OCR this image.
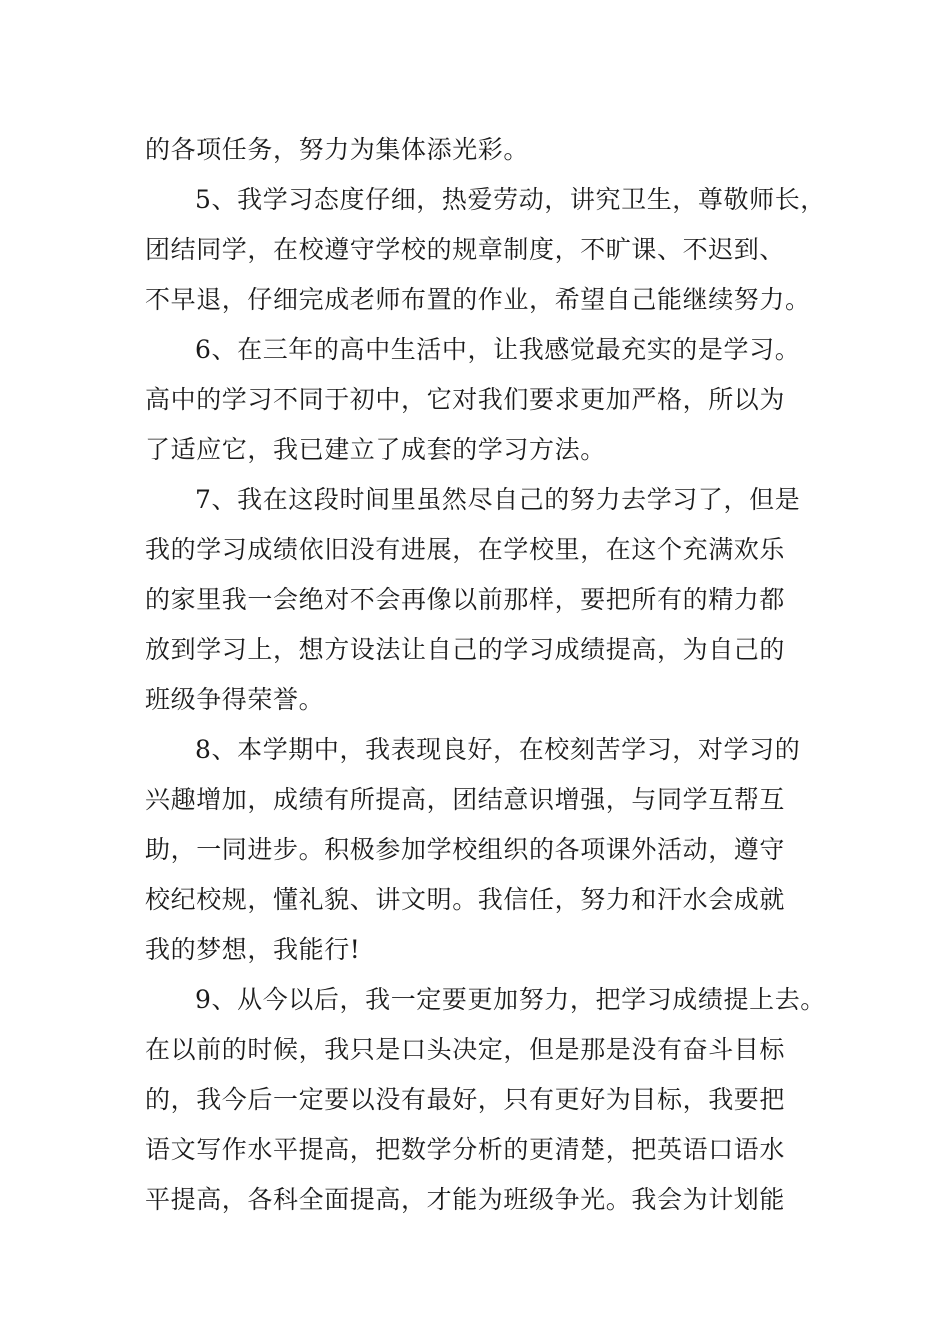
的各项任务，努力为集体添光彩。
5、我学习态度仔细，热爱劳动，讲究卫生，尊敬师长，
团结同学，在校遵守学校的规章制度，不旷课、不迟到、
不早退，仔细完成老师布置的作业，希望自己能继续努力。
6、在三年的高中生活中，让我感觉最充实的是学习。
高中的学习不同于初中，它对我们要求更加严格，所以为
了适应它，我已建立了成套的学习方法。
7、我在这段时间里虽然尽自己的努力去学习了，但是
我的学习成绩依旧没有进展，在学校里，在这个充满欢乐
的家里我一会绝对不会再像以前那样，要把所有的精力都
放到学习上，想方设法让自己的学习成绩提高，为自己的
班级争得荣誉。
8、本学期中，我表现良好，在校刻苦学习，对学习的
兴趣增加，成绩有所提高，团结意识增强，与同学互帮互
助，一同进步。积极参加学校组织的各项课外活动，遵守
校纪校规，懂礼貌、讲文明。我信任，努力和汗水会成就
我的梦想，我能行!
9、从今以后，我一定要更加努力，把学习成绩提上去。
在以前的时候，我只是口头决定，但是那是没有奋斗目标
的，我今后一定要以没有最好，只有更好为目标，我要把
语文写作水平提高，把数学分析的更清楚，把英语口语水
平提高，各科全面提高，才能为班级争光。我会为计划能
